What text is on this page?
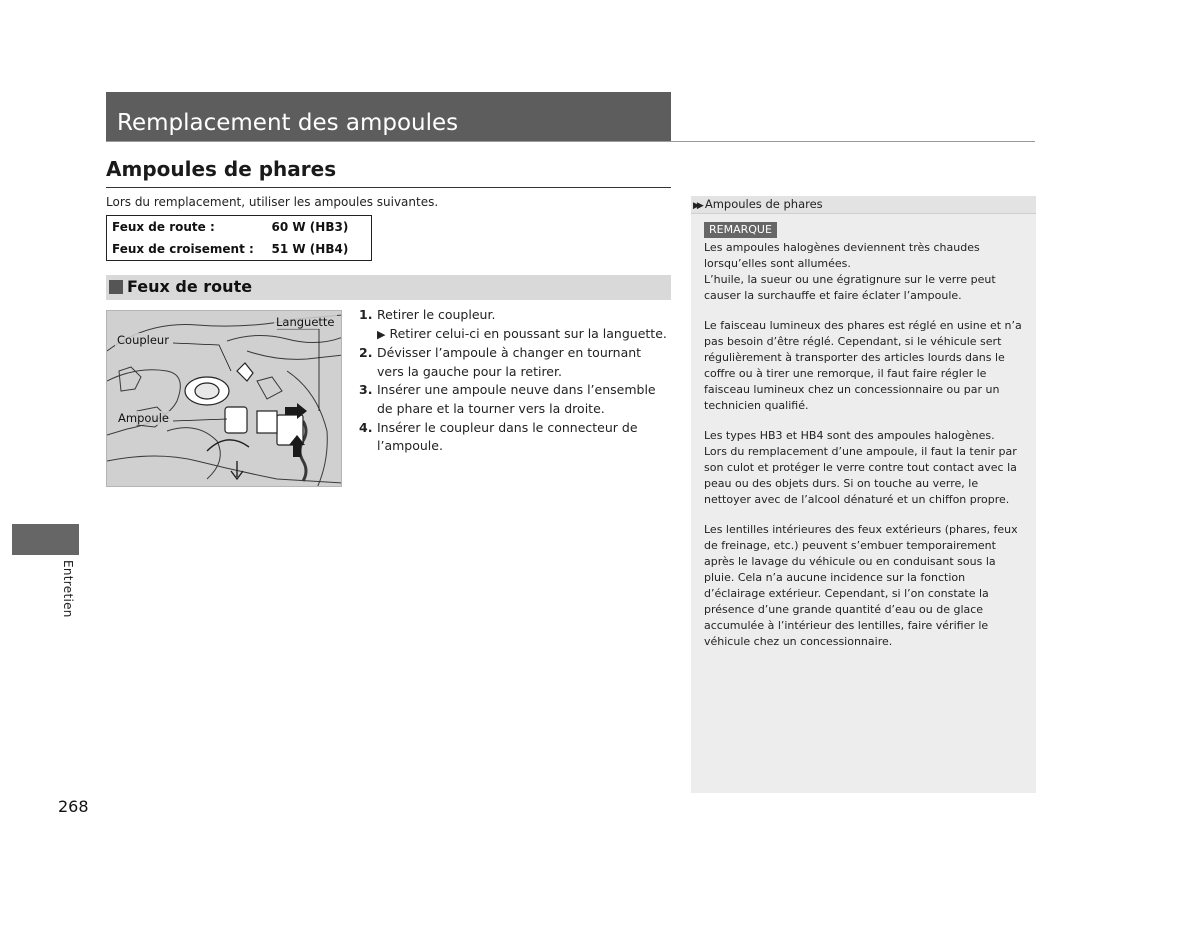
Remplacement des ampoules
Ampoules de phares

Lors du remplacement, utiliser les ampoules suivantes.

Feux de route :	60 W (HB3)
Feux de croisement :	51 W (HB4)
Feux de route
Languette
Coupleur
Ampoule
1. Retirer le coupleur.
▶ Retirer celui-ci en poussant sur la languette.
2. Dévisser l’ampoule à changer en tournant vers la gauche pour la retirer.
3. Insérer une ampoule neuve dans l’ensemble de phare et la tourner vers la droite.
4. Insérer le coupleur dans le connecteur de l’ampoule.
▶▶ Ampoules de phares
REMARQUE

Les ampoules halogènes deviennent très chaudes lorsqu’elles sont allumées.

L’huile, la sueur ou une égratignure sur le verre peut causer la surchauffe et faire éclater l’ampoule.

Le faisceau lumineux des phares est réglé en usine et n’a pas besoin d’être réglé. Cependant, si le véhicule sert régulièrement à transporter des articles lourds dans le coffre ou à tirer une remorque, il faut faire régler le faisceau lumineux chez un concessionnaire ou par un technicien qualifié.

Les types HB3 et HB4 sont des ampoules halogènes.

Lors du remplacement d’une ampoule, il faut la tenir par son culot et protéger le verre contre tout contact avec la peau ou des objets durs. Si on touche au verre, le nettoyer avec de l’alcool dénaturé et un chiffon propre.

Les lentilles intérieures des feux extérieurs (phares, feux de freinage, etc.) peuvent s’embuer temporairement après le lavage du véhicule ou en conduisant sous la pluie. Cela n’a aucune incidence sur la fonction d’éclairage extérieur. Cependant, si l’on constate la présence d’une grande quantité d’eau ou de glace accumulée à l’intérieur des lentilles, faire vérifier le véhicule chez un concessionnaire.

Entretien
268
